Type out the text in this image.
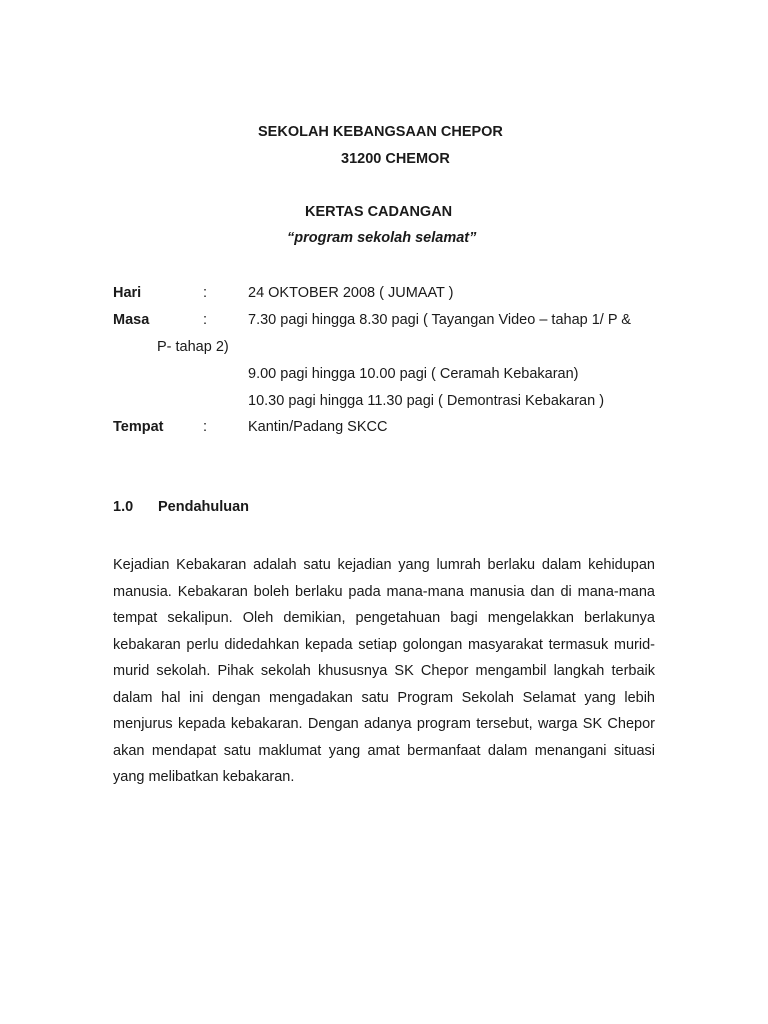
SEKOLAH KEBANGSAAN CHEPOR
31200 CHEMOR
KERTAS CADANGAN
“program sekolah selamat”
Hari	:	24 OKTOBER 2008 ( JUMAAT )
Masa	:	7.30 pagi hingga 8.30 pagi ( Tayangan Video – tahap 1/ P &
P- tahap 2)
9.00 pagi hingga 10.00 pagi ( Ceramah Kebakaran)
10.30 pagi hingga 11.30 pagi ( Demontrasi Kebakaran )
Tempat	:	Kantin/Padang SKCC
1.0 Pendahuluan

Kejadian Kebakaran adalah satu kejadian yang lumrah berlaku dalam kehidupan manusia. Kebakaran boleh berlaku pada mana-mana manusia dan di mana-mana tempat sekalipun. Oleh demikian, pengetahuan bagi mengelakkan berlakunya kebakaran perlu didedahkan kepada setiap golongan masyarakat termasuk murid-murid sekolah. Pihak sekolah khususnya SK Chepor mengambil langkah terbaik dalam hal ini dengan mengadakan satu Program Sekolah Selamat yang lebih menjurus kepada kebakaran. Dengan adanya program tersebut, warga SK Chepor akan mendapat satu maklumat yang amat bermanfaat dalam menangani situasi yang melibatkan kebakaran.
